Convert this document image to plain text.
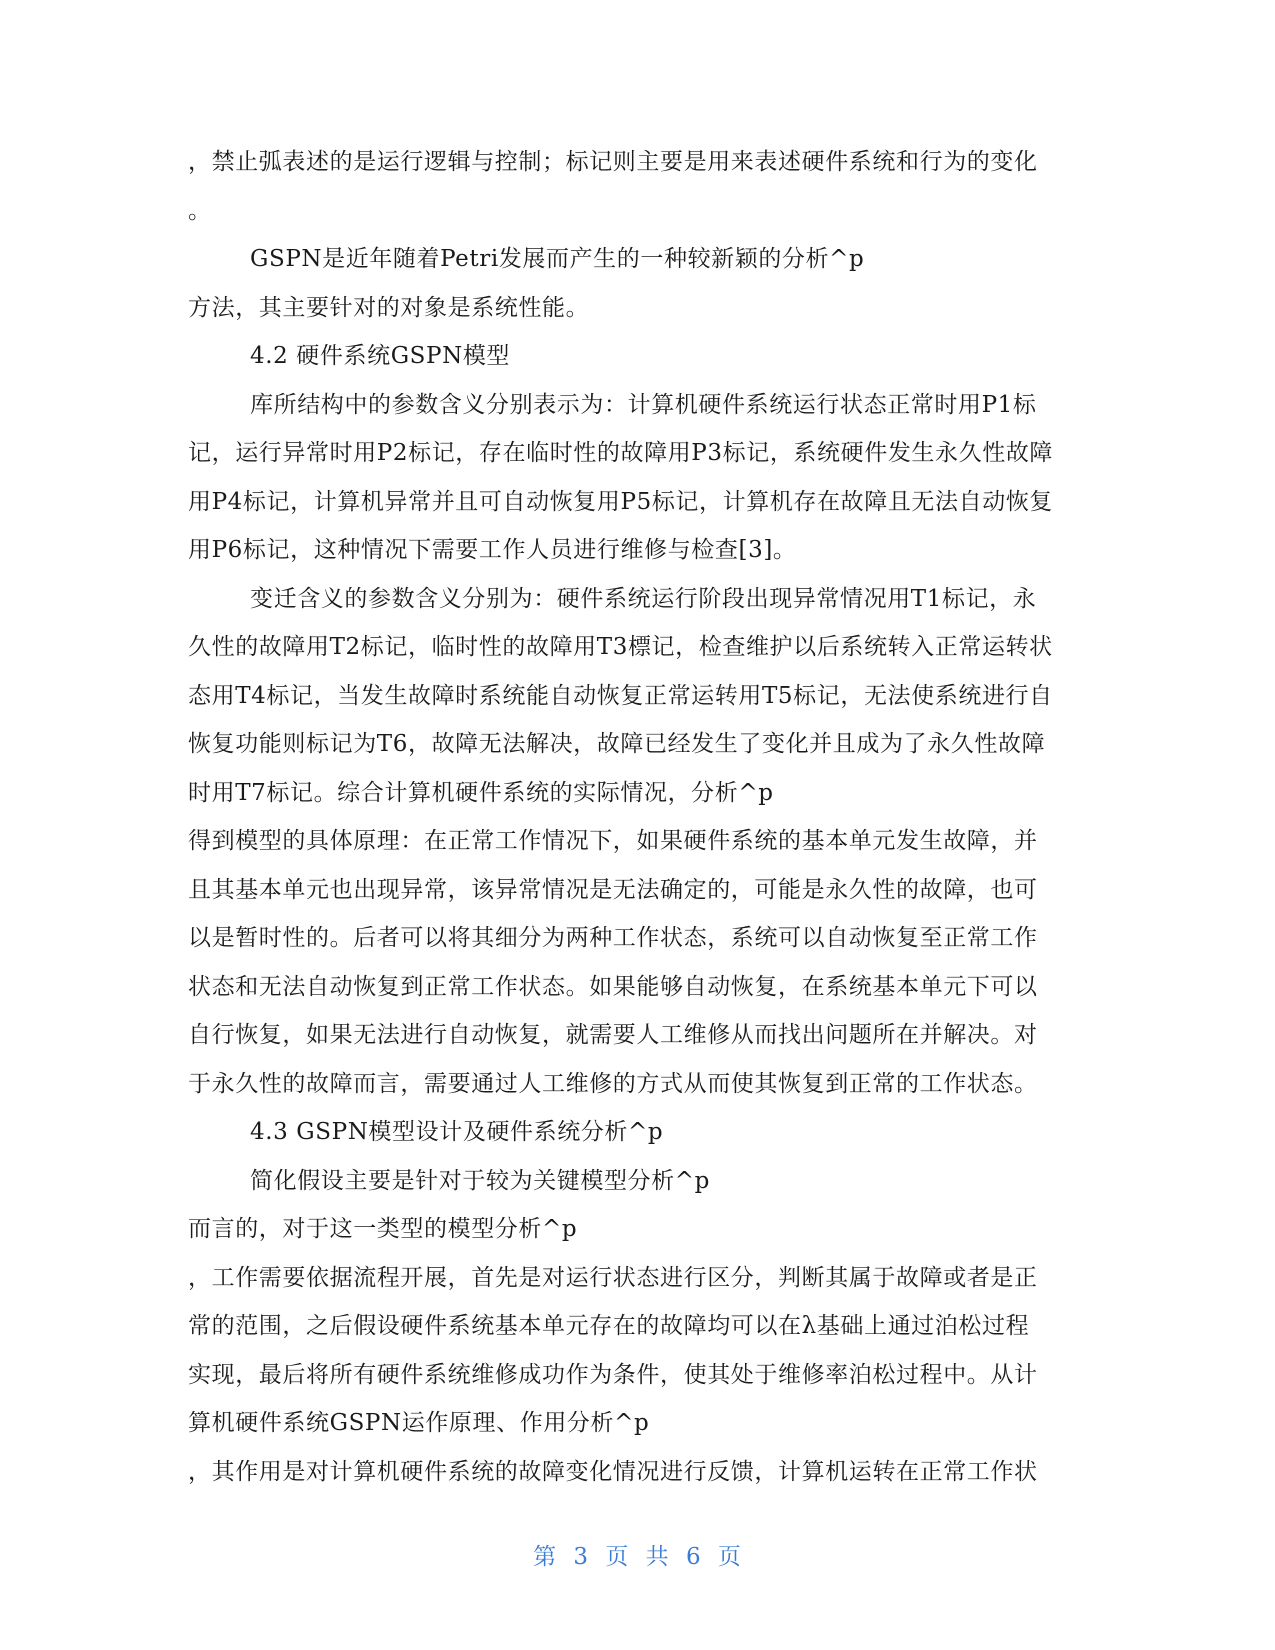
，禁止弧表述的是运行逻辑与控制；标记则主要是用来表述硬件系统和行为的变化
。
GSPN是近年随着Petri发展而产生的一种较新颖的分析^p
方法，其主要针对的对象是系统性能。
4.2 硬件系统GSPN模型
库所结构中的参数含义分别表示为：计算机硬件系统运行状态正常时用P1标
记，运行异常时用P2标记，存在临时性的故障用P3标记，系统硬件发生永久性故障
用P4标记，计算机异常并且可自动恢复用P5标记，计算机存在故障且无法自动恢复
用P6标记，这种情况下需要工作人员进行维修与检查[3]。
变迁含义的参数含义分别为：硬件系统运行阶段出现异常情况用T1标记，永
久性的故障用T2标记，临时性的故障用T3標记，检查维护以后系统转入正常运转状
态用T4标记，当发生故障时系统能自动恢复正常运转用T5标记，无法使系统进行自
恢复功能则标记为T6，故障无法解决，故障已经发生了变化并且成为了永久性故障
时用T7标记。综合计算机硬件系统的实际情况，分析^p
得到模型的具体原理：在正常工作情况下，如果硬件系统的基本单元发生故障，并
且其基本单元也出现异常，该异常情况是无法确定的，可能是永久性的故障，也可
以是暂时性的。后者可以将其细分为两种工作状态，系统可以自动恢复至正常工作
状态和无法自动恢复到正常工作状态。如果能够自动恢复，在系统基本单元下可以
自行恢复，如果无法进行自动恢复，就需要人工维修从而找出问题所在并解决。对
于永久性的故障而言，需要通过人工维修的方式从而使其恢复到正常的工作状态。
4.3 GSPN模型设计及硬件系统分析^p
简化假设主要是针对于较为关键模型分析^p
而言的，对于这一类型的模型分析^p
，工作需要依据流程开展，首先是对运行状态进行区分，判断其属于故障或者是正
常的范围，之后假设硬件系统基本单元存在的故障均可以在λ基础上通过泊松过程
实现，最后将所有硬件系统维修成功作为条件，使其处于维修率泊松过程中。从计
算机硬件系统GSPN运作原理、作用分析^p
，其作用是对计算机硬件系统的故障变化情况进行反馈，计算机运转在正常工作状
第 3 页 共 6 页
